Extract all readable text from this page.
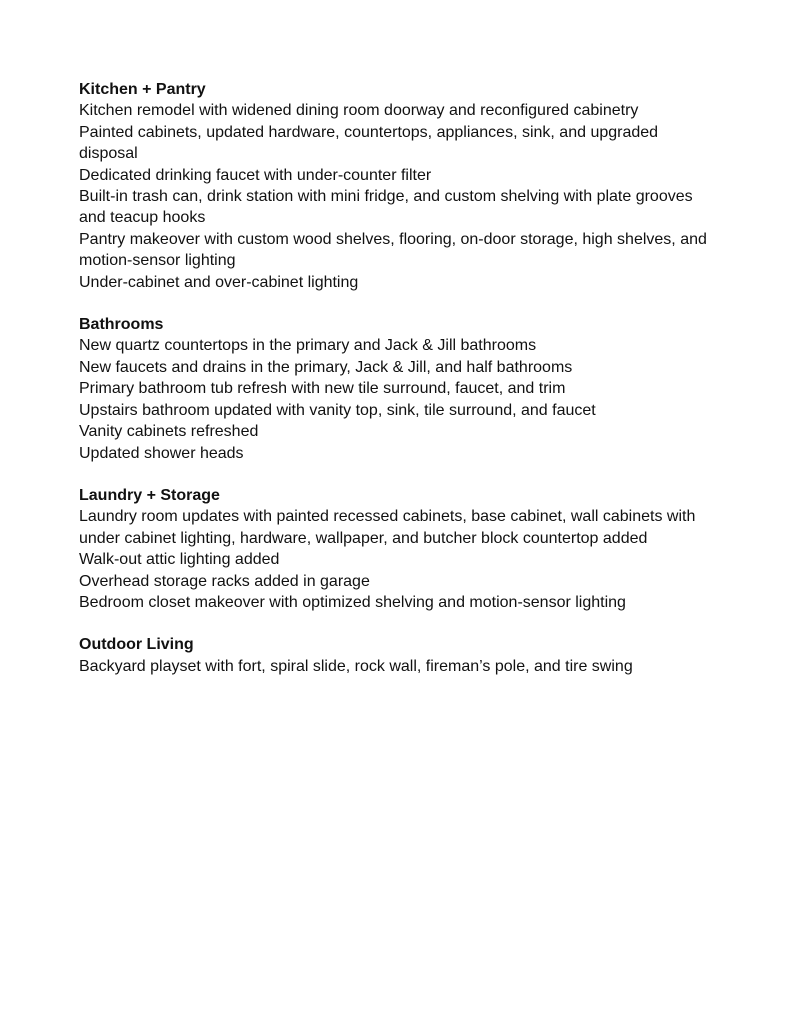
Kitchen + Pantry

Kitchen remodel with widened dining room doorway and reconfigured cabinetry
Painted cabinets, updated hardware, countertops, appliances, sink, and upgraded disposal
Dedicated drinking faucet with under-counter filter
Built-in trash can, drink station with mini fridge, and custom shelving with plate grooves and teacup hooks
Pantry makeover with custom wood shelves, flooring, on-door storage, high shelves, and motion-sensor lighting
Under-cabinet and over-cabinet lighting

Bathrooms

New quartz countertops in the primary and Jack & Jill bathrooms
New faucets and drains in the primary, Jack & Jill, and half bathrooms
Primary bathroom tub refresh with new tile surround, faucet, and trim
Upstairs bathroom updated with vanity top, sink, tile surround, and faucet
Vanity cabinets refreshed
Updated shower heads

Laundry + Storage

Laundry room updates with painted recessed cabinets, base cabinet, wall cabinets with under cabinet lighting, hardware, wallpaper, and butcher block countertop added
Walk-out attic lighting added
Overhead storage racks added in garage
Bedroom closet makeover with optimized shelving and motion-sensor lighting

Outdoor Living

Backyard playset with fort, spiral slide, rock wall, fireman’s pole, and tire swing
